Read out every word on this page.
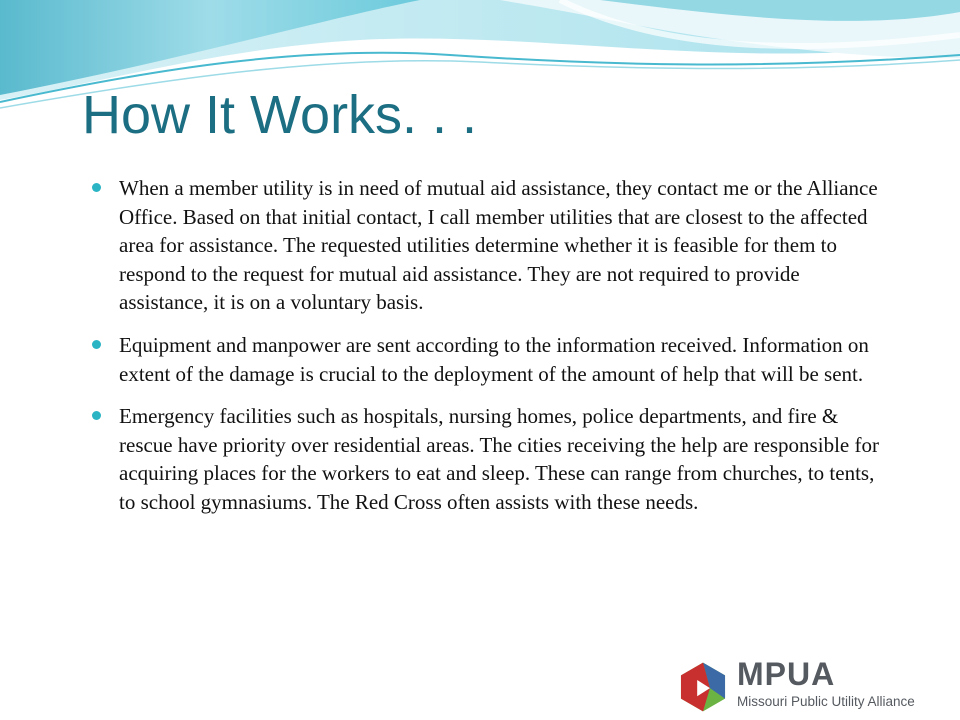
How It Works. . .
When a member utility is in need of mutual aid assistance, they contact me or the Alliance Office. Based on that initial contact, I call member utilities that are closest to the affected area for assistance. The requested utilities determine whether it is feasible for them to respond to the request for mutual aid assistance. They are not required to provide assistance, it is on a voluntary basis.
Equipment and manpower are sent according to the information received. Information on extent of the damage is crucial to the deployment of the amount of help that will be sent.
Emergency facilities such as hospitals, nursing homes, police departments, and fire & rescue have priority over residential areas. The cities receiving the help are responsible for acquiring places for the workers to eat and sleep. These can range from churches, to tents, to school gymnasiums. The Red Cross often assists with these needs.
MPUA
Missouri Public Utility Alliance
